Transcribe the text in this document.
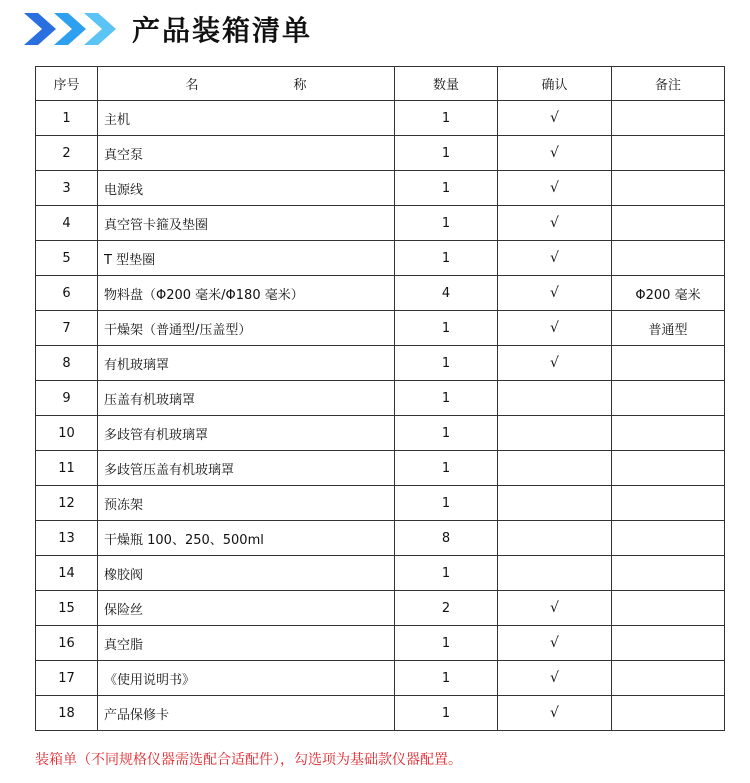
产品装箱清单
序号	名 称	数量	确认	备注
1	主机	1	√	
2	真空泵	1	√	
3	电源线	1	√	
4	真空管卡箍及垫圈	1	√	
5	T 型垫圈	1	√	
6	物料盘（Φ200 毫米/Φ180 毫米）	4	√	Φ200 毫米
7	干燥架（普通型/压盖型）	1	√	普通型
8	有机玻璃罩	1	√	
9	压盖有机玻璃罩	1		
10	多歧管有机玻璃罩	1		
11	多歧管压盖有机玻璃罩	1		
12	预冻架	1		
13	干燥瓶 100、250、500ml	8		
14	橡胶阀	1		
15	保险丝	2	√	
16	真空脂	1	√	
17	《使用说明书》	1	√	
18	产品保修卡	1	√	
装箱单（不同规格仪器需选配合适配件），勾选项为基础款仪器配置。
